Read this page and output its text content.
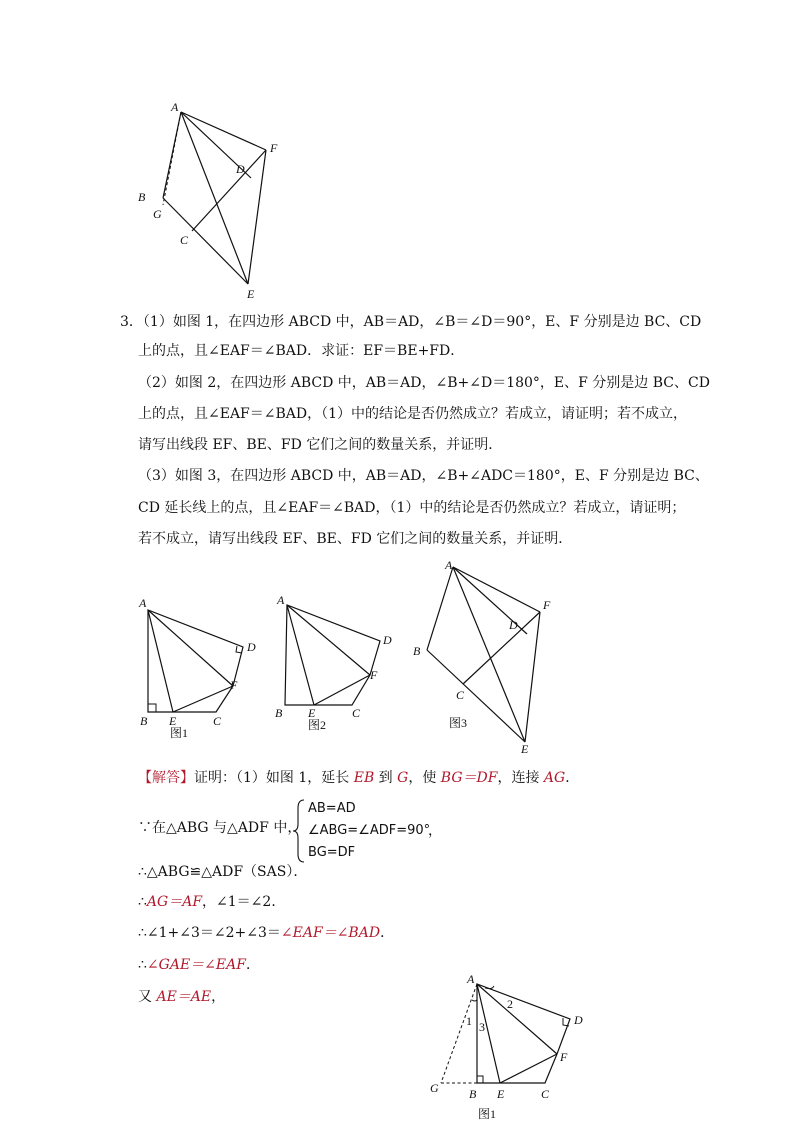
A
B
G
C
D
F
E
3．（1）如图 1，在四边形 ABCD 中，AB＝AD，∠B＝∠D＝90°，E、F 分别是边 BC、CD
上的点，且∠EAF＝∠BAD．求证：EF＝BE+FD．
（2）如图 2，在四边形 ABCD 中，AB＝AD，∠B+∠D＝180°，E、F 分别是边 BC、CD
上的点，且∠EAF＝∠BAD，（1）中的结论是否仍然成立？若成立，请证明；若不成立，
请写出线段 EF、BE、FD 它们之间的数量关系，并证明．
（3）如图 3，在四边形 ABCD 中，AB＝AD，∠B+∠ADC＝180°，E、F 分别是边 BC、
CD 延长线上的点，且∠EAF＝∠BAD，（1）中的结论是否仍然成立？若成立，请证明；
若不成立，请写出线段 EF、BE、FD 它们之间的数量关系，并证明．
A
B E	C
F
D
图1
A
B E	C
F
D
图2
A
B
C
D
F
E
图3
【解答】证明：（1）如图 1，延长 EB 到 G，使 BG＝DF，连接 AG．
∵在△ABG 与△ADF 中，
AB=AD
∠ABG=∠ADF=90°
BG=DF
，
∴△ABG≌△ADF（SAS）．
∴AG＝AF，∠1＝∠2．
∴∠1+∠3＝∠2+∠3＝∠EAF＝∠BAD．
∴∠GAE＝∠EAF．
又 AE＝AE，
A
G	B E	C
F
D
1
2
3
图1
